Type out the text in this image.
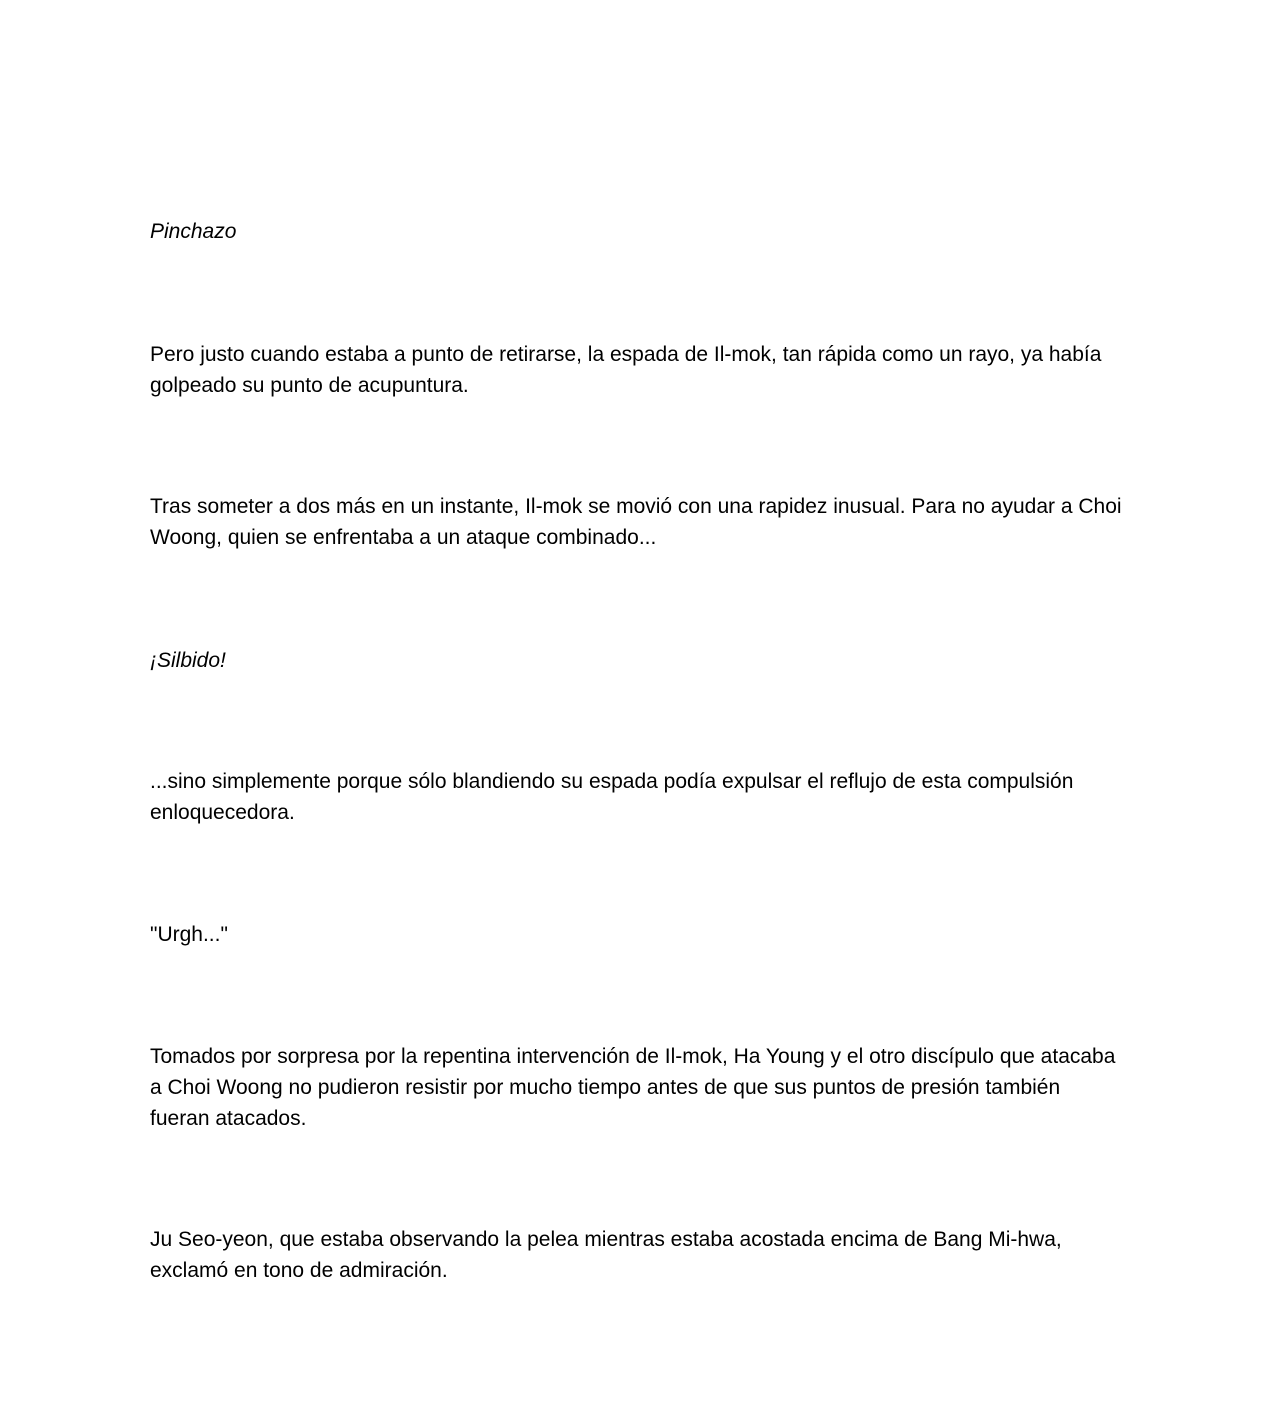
Pinchazo

Pero justo cuando estaba a punto de retirarse, la espada de Il-mok, tan rápida como un rayo, ya había golpeado su punto de acupuntura.

Tras someter a dos más en un instante, Il-mok se movió con una rapidez inusual. Para no ayudar a Choi Woong, quien se enfrentaba a un ataque combinado...

¡Silbido!

...sino simplemente porque sólo blandiendo su espada podía expulsar el reflujo de esta compulsión enloquecedora.

"Urgh..."

Tomados por sorpresa por la repentina intervención de Il-mok, Ha Young y el otro discípulo que atacaba a Choi Woong no pudieron resistir por mucho tiempo antes de que sus puntos de presión también fueran atacados.

Ju Seo-yeon, que estaba observando la pelea mientras estaba acostada encima de Bang Mi-hwa, exclamó en tono de admiración.
